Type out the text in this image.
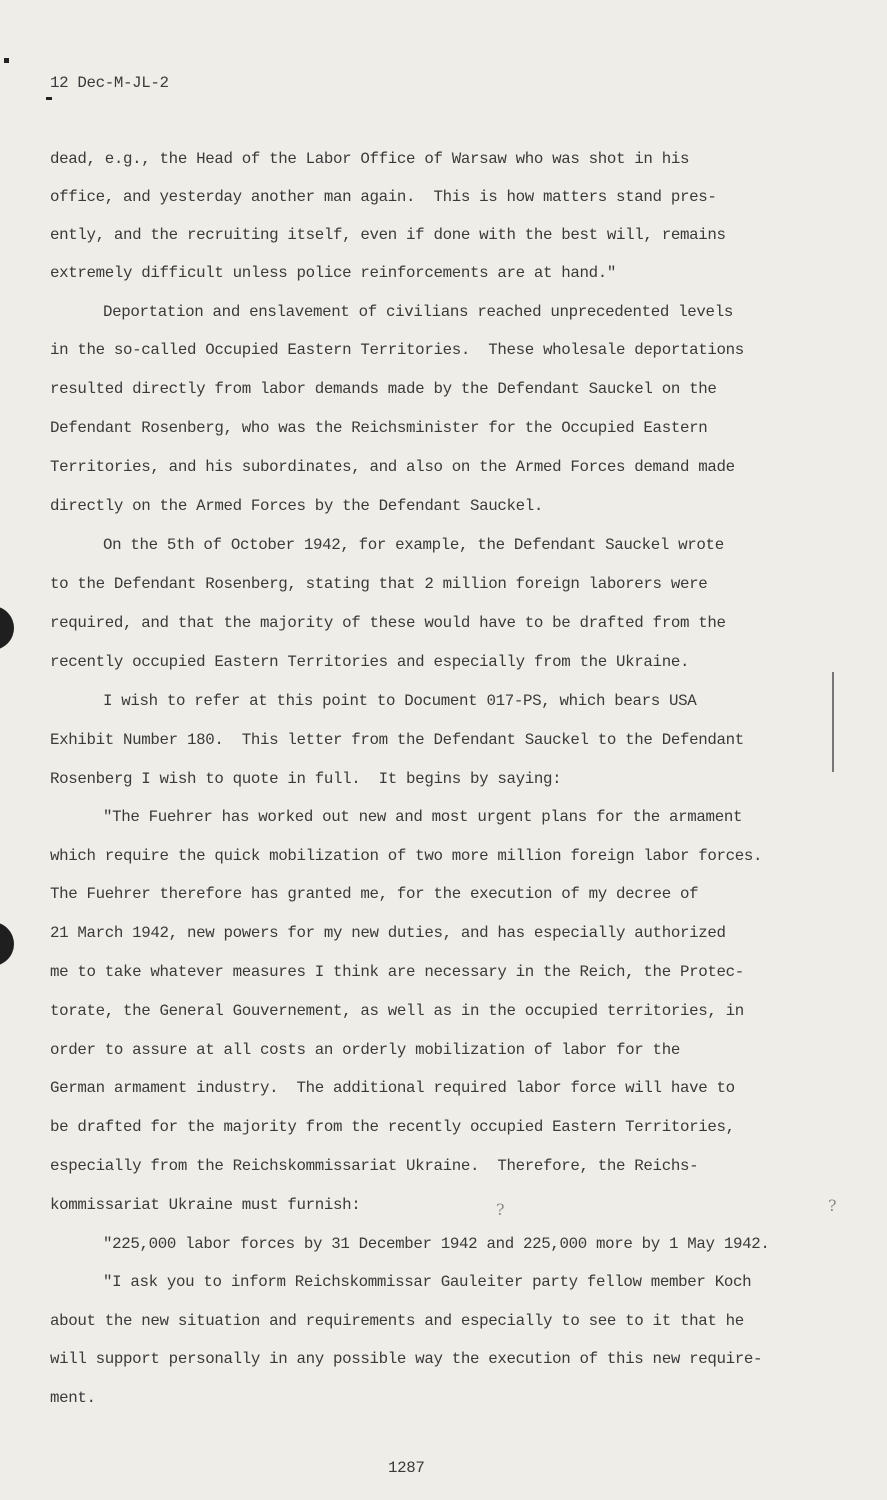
?	?
12 Dec-M-JL-2
dead, e.g., the Head of the Labor Office of Warsaw who was shot in his
office, and yesterday another man again.  This is how matters stand pres-
ently, and the recruiting itself, even if done with the best will, remains
extremely difficult unless police reinforcements are at hand."
Deportation and enslavement of civilians reached unprecedented levels
in the so-called Occupied Eastern Territories.  These wholesale deportations
resulted directly from labor demands made by the Defendant Sauckel on the
Defendant Rosenberg, who was the Reichsminister for the Occupied Eastern
Territories, and his subordinates, and also on the Armed Forces demand made
directly on the Armed Forces by the Defendant Sauckel.
On the 5th of October 1942, for example, the Defendant Sauckel wrote
to the Defendant Rosenberg, stating that 2 million foreign laborers were
required, and that the majority of these would have to be drafted from the
recently occupied Eastern Territories and especially from the Ukraine.
I wish to refer at this point to Document 017-PS, which bears USA
Exhibit Number 180.  This letter from the Defendant Sauckel to the Defendant
Rosenberg I wish to quote in full.  It begins by saying:
"The Fuehrer has worked out new and most urgent plans for the armament
which require the quick mobilization of two more million foreign labor forces.
The Fuehrer therefore has granted me, for the execution of my decree of
21 March 1942, new powers for my new duties, and has especially authorized
me to take whatever measures I think are necessary in the Reich, the Protec-
torate, the General Gouvernement, as well as in the occupied territories, in
order to assure at all costs an orderly mobilization of labor for the
German armament industry.  The additional required labor force will have to
be drafted for the majority from the recently occupied Eastern Territories,
especially from the Reichskommissariat Ukraine.  Therefore, the Reichs-
kommissariat Ukraine must furnish:
"225,000 labor forces by 31 December 1942 and 225,000 more by 1 May 1942.
"I ask you to inform Reichskommissar Gauleiter party fellow member Koch
about the new situation and requirements and especially to see to it that he
will support personally in any possible way the execution of this new require-
ment.
1287
